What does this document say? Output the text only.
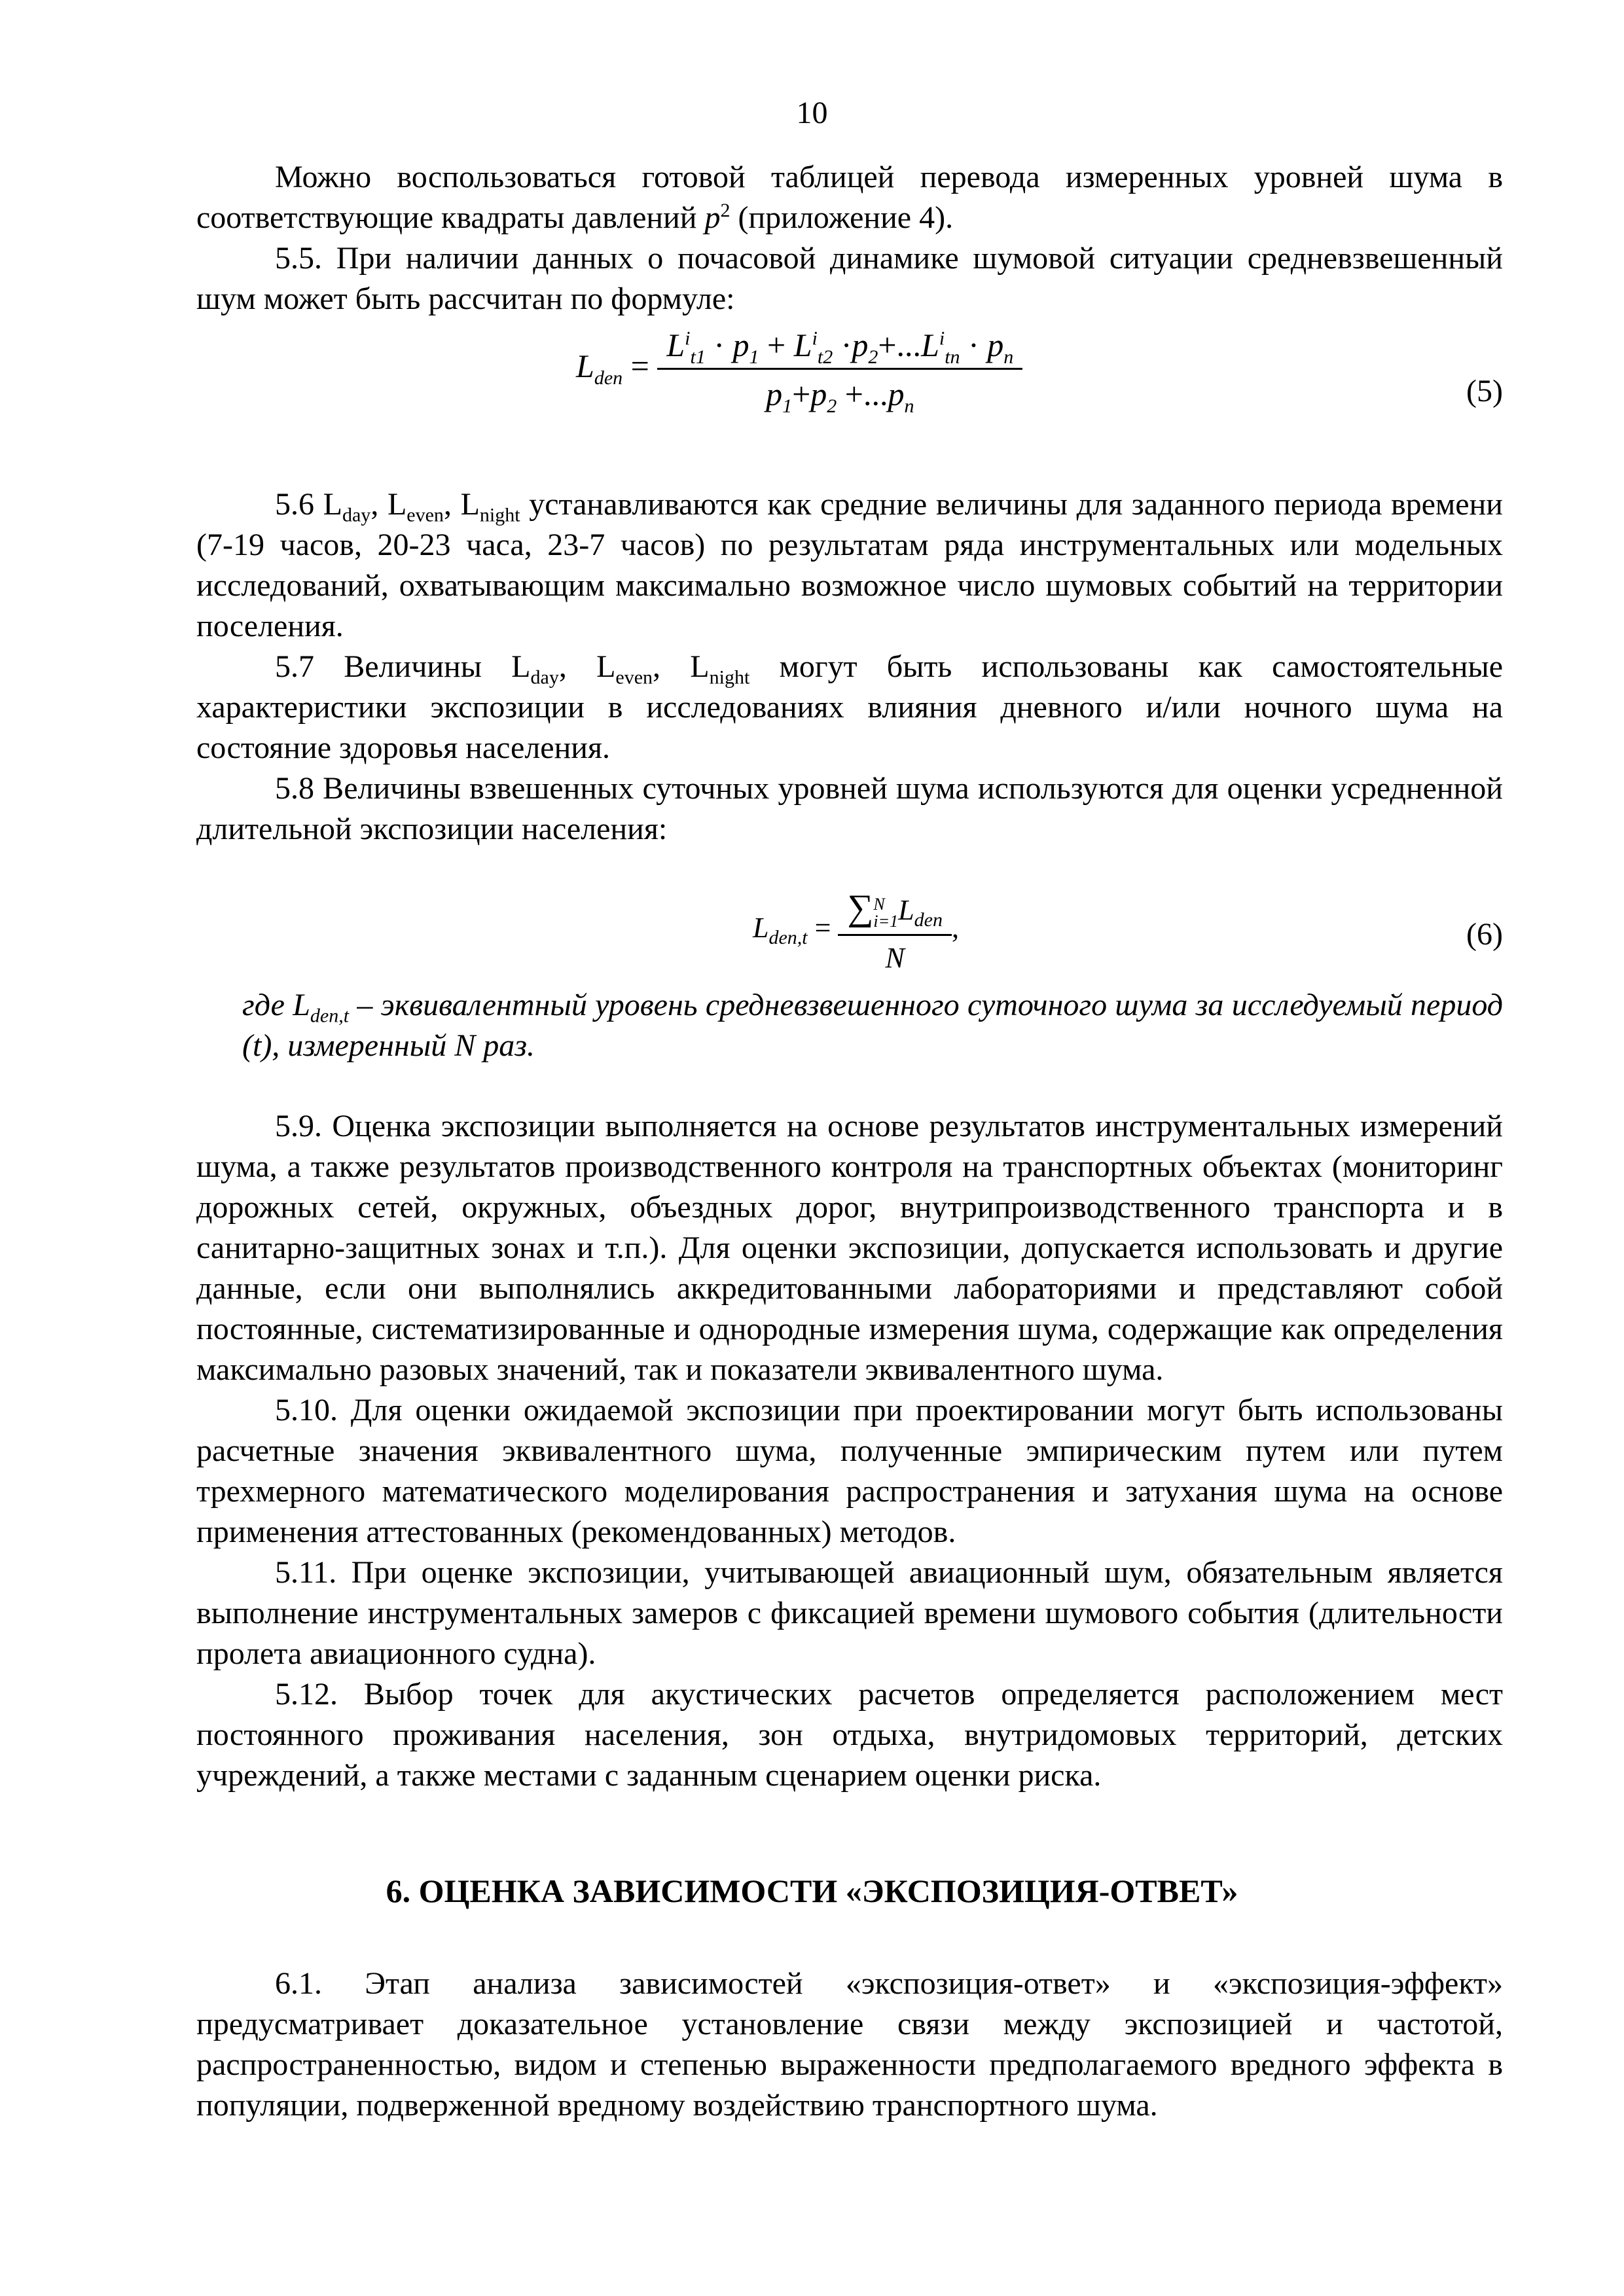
10

Можно воспользоваться готовой таблицей перевода измеренных уровней шума в соответствующие квадраты давлений $p^2$ (приложение 4).

5.5. При наличии данных о почасовой динамике шумовой ситуации средневзвешенный шум может быть рассчитан по формуле:

$L_{den} = \frac{L^i_{t1} \cdot p_1 + L^i_{t2} \cdot p_2+...L^i_{tn} \cdot p_n}{p_1+p_2 +...p_n}$	(5)

5.6 $L_{day}$, $L_{even}$, $L_{night}$ устанавливаются как средние величины для заданного периода времени (7-19 часов, 20-23 часа, 23-7 часов) по результатам ряда инструментальных или модельных исследований, охватывающим максимально возможное число шумовых событий на территории поселения.

5.7 Величины $L_{day}$, $L_{even}$, $L_{night}$ могут быть использованы как самостоятельные характеристики экспозиции в исследованиях влияния дневного и/или ночного шума на состояние здоровья населения.

5.8 Величины взвешенных суточных уровней шума используются для оценки усредненной длительной экспозиции населения:

$L_{den,t}$ = ∑ N
i=1 $L_{den}$
N ,	(6)

где $L_{den,t}$ – эквивалентный уровень средневзвешенного суточного шума за исследуемый период (t), измеренный N раз.

5.9. Оценка экспозиции выполняется на основе результатов инструментальных измерений шума, а также результатов производственного контроля на транспортных объектах (мониторинг дорожных сетей, окружных, объездных дорог, внутрипроизводственного транспорта и в санитарно-защитных зонах и т.п.). Для оценки экспозиции, допускается использовать и другие данные, если они выполнялись аккредитованными лабораториями и представляют собой постоянные, систематизированные и однородные измерения шума, содержащие как определения максимально разовых значений, так и показатели эквивалентного шума.

5.10. Для оценки ожидаемой экспозиции при проектировании могут быть использованы расчетные значения эквивалентного шума, полученные эмпирическим путем или путем трехмерного математического моделирования распространения и затухания шума на основе применения аттестованных (рекомендованных) методов.

5.11. При оценке экспозиции, учитывающей авиационный шум, обязательным является выполнение инструментальных замеров с фиксацией времени шумового события (длительности пролета авиационного судна).

5.12. Выбор точек для акустических расчетов определяется расположением мест постоянного проживания населения, зон отдыха, внутридомовых территорий, детских учреждений, а также местами с заданным сценарием оценки риска.

6. ОЦЕНКА ЗАВИСИМОСТИ «ЭКСПОЗИЦИЯ-ОТВЕТ»

6.1. Этап анализа зависимостей «экспозиция-ответ» и «экспозиция-эффект» предусматривает доказательное установление связи между экспозицией и частотой, распространенностью, видом и степенью выраженности предполагаемого вредного эффекта в популяции, подверженной вредному воздействию транспортного шума.
